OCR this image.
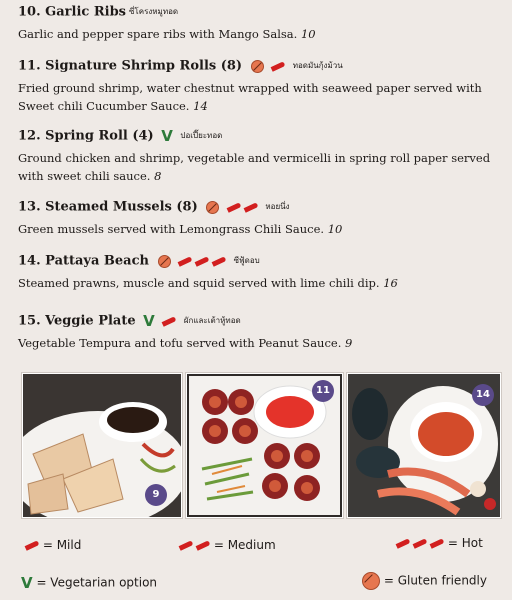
10. Garlic Ribs ซี่โครงหมูทอด
Garlic and pepper spare ribs with Mango Salsa. 10
11. Signature Shrimp Rolls (8)	ทอดมันกุ้งม้วน
Fried ground shrimp, water chestnut wrapped with seaweed paper served with Sweet chili Cucumber Sauce. 14
12. Spring Roll (4) V ปอเปี๊ยะทอด
Ground chicken and shrimp, vegetable and vermicelli in spring roll paper served with sweet chili sauce. 8
13. Steamed Mussels (8)	หอยนึ่ง
Green mussels served with Lemongrass Chili Sauce. 10
14. Pattaya Beach	ซีฟู้ดอบ
Steamed prawns, muscle and squid served with lime chili dip. 16
15. Veggie Plate V	ผักและเต้าหู้ทอด
Vegetable Tempura and tofu served with Peanut Sauce. 9
9
11	14
= Mild	= Medium	= Hot
V = Vegetarian option	= Gluten friendly
